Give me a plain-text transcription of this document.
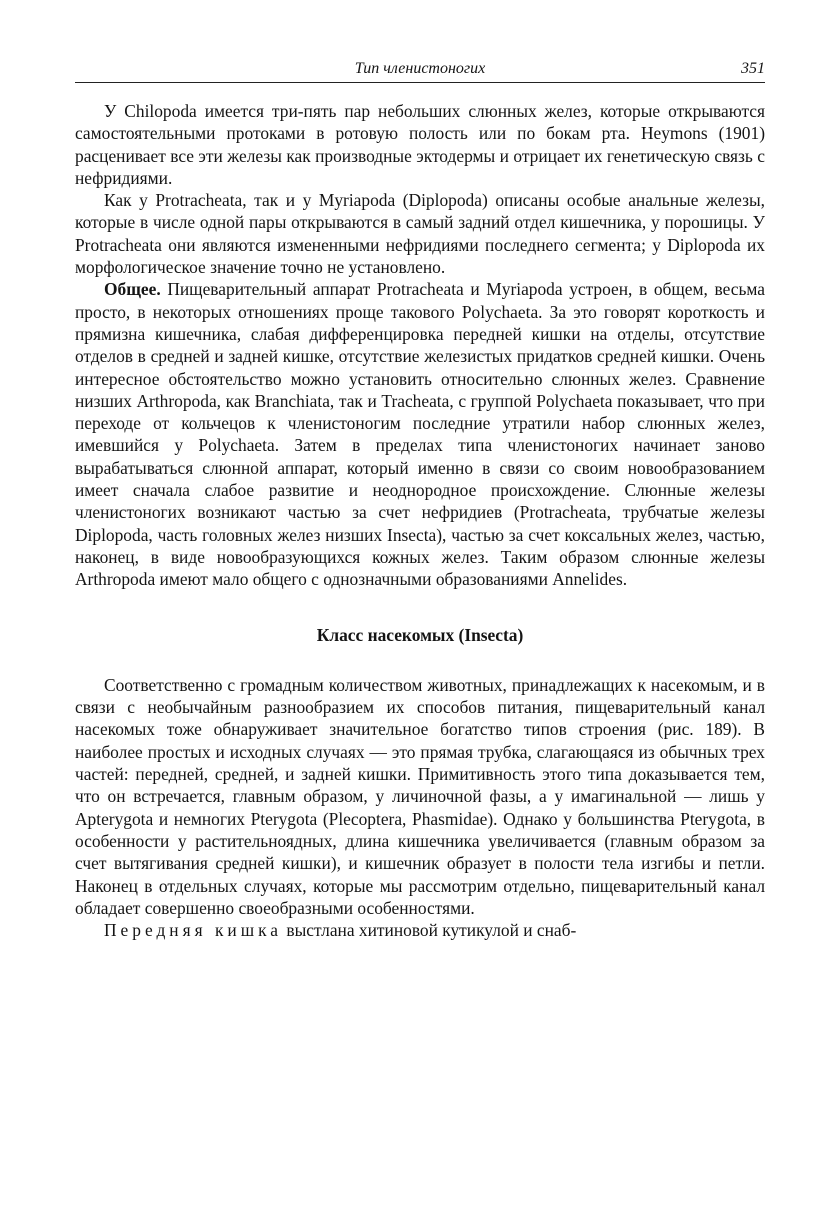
Тип членистоногих	351

У Chilopoda имеется три-пять пар небольших слюнных желез, которые открываются самостоятельными протоками в ротовую полость или по бокам рта. Heymons (1901) расценивает все эти железы как производные эктодермы и отрицает их генетическую связь с нефридиями.

Как у Protracheata, так и у Myriapoda (Diplopoda) описаны особые анальные железы, которые в числе одной пары открываются в самый задний отдел кишечника, у порошицы. У Protracheata они являются измененными нефридиями последнего сегмента; у Diplopoda их морфологическое значение точно не установлено.

Общее. Пищеварительный аппарат Protracheata и Myriapoda устроен, в общем, весьма просто, в некоторых отношениях проще такового Polychaeta. За это говорят короткость и прямизна кишечника, слабая дифференцировка передней кишки на отделы, отсутствие отделов в средней и задней кишке, отсутствие железистых придатков средней кишки. Очень интересное обстоятельство можно установить относительно слюнных желез. Сравнение низших Arthropoda, как Branchiata, так и Tracheata, с группой Polychaeta показывает, что при переходе от кольчецов к членистоногим последние утратили набор слюнных желез, имевшийся у Polychaeta. Затем в пределах типа членистоногих начинает заново вырабатываться слюнной аппарат, который именно в связи со своим новообразованием имеет сначала слабое развитие и неоднородное происхождение. Слюнные железы членистоногих возникают частью за счет нефридиев (Protracheata, трубчатые железы Diplopoda, часть головных желез низших Insecta), частью за счет коксальных желез, частью, наконец, в виде новообразующихся кожных желез. Таким образом слюнные железы Arthropoda имеют мало общего с однозначными образованиями Annelides.

Класс насекомых (Insecta)

Соответственно с громадным количеством животных, принадлежащих к насекомым, и в связи с необычайным разнообразием их способов питания, пищеварительный канал насекомых тоже обнаруживает значительное богатство типов строения (рис. 189). В наиболее простых и исходных случаях — это прямая трубка, слагающаяся из обычных трех частей: передней, средней, и задней кишки. Примитивность этого типа доказывается тем, что он встречается, главным образом, у личиночной фазы, а у имагинальной — лишь у Apterygota и немногих Pterygota (Plecoptera, Phasmidae). Однако у большинства Pterygota, в особенности у растительноядных, длина кишечника увеличивается (главным образом за счет вытягивания средней кишки), и кишечник образует в полости тела изгибы и петли. Наконец в отдельных случаях, которые мы рассмотрим отдельно, пищеварительный канал обладает совершенно своеобразными особенностями.

Передняя кишка выстлана хитиновой кутикулой и снаб-
